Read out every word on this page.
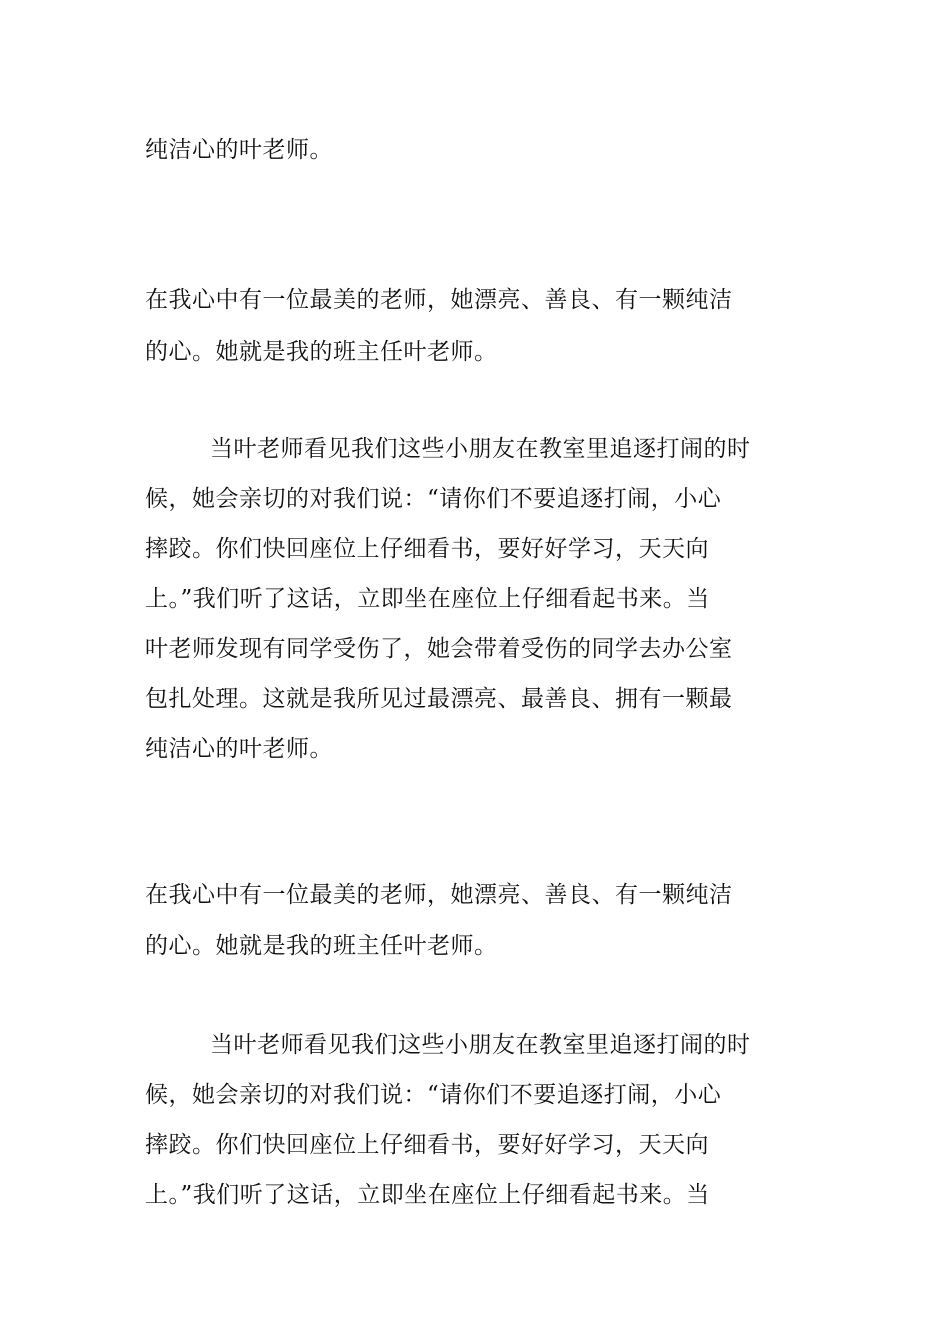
纯洁心的叶老师。
在我心中有一位最美的老师，她漂亮、善良、有一颗纯洁
的心。她就是我的班主任叶老师。
当叶老师看见我们这些小朋友在教室里追逐打闹的时
候，她会亲切的对我们说：“请你们不要追逐打闹，小心
摔跤。你们快回座位上仔细看书，要好好学习，天天向
上。”我们听了这话，立即坐在座位上仔细看起书来。当
叶老师发现有同学受伤了，她会带着受伤的同学去办公室
包扎处理。这就是我所见过最漂亮、最善良、拥有一颗最
纯洁心的叶老师。
在我心中有一位最美的老师，她漂亮、善良、有一颗纯洁
的心。她就是我的班主任叶老师。
当叶老师看见我们这些小朋友在教室里追逐打闹的时
候，她会亲切的对我们说：“请你们不要追逐打闹，小心
摔跤。你们快回座位上仔细看书，要好好学习，天天向
上。”我们听了这话，立即坐在座位上仔细看起书来。当
